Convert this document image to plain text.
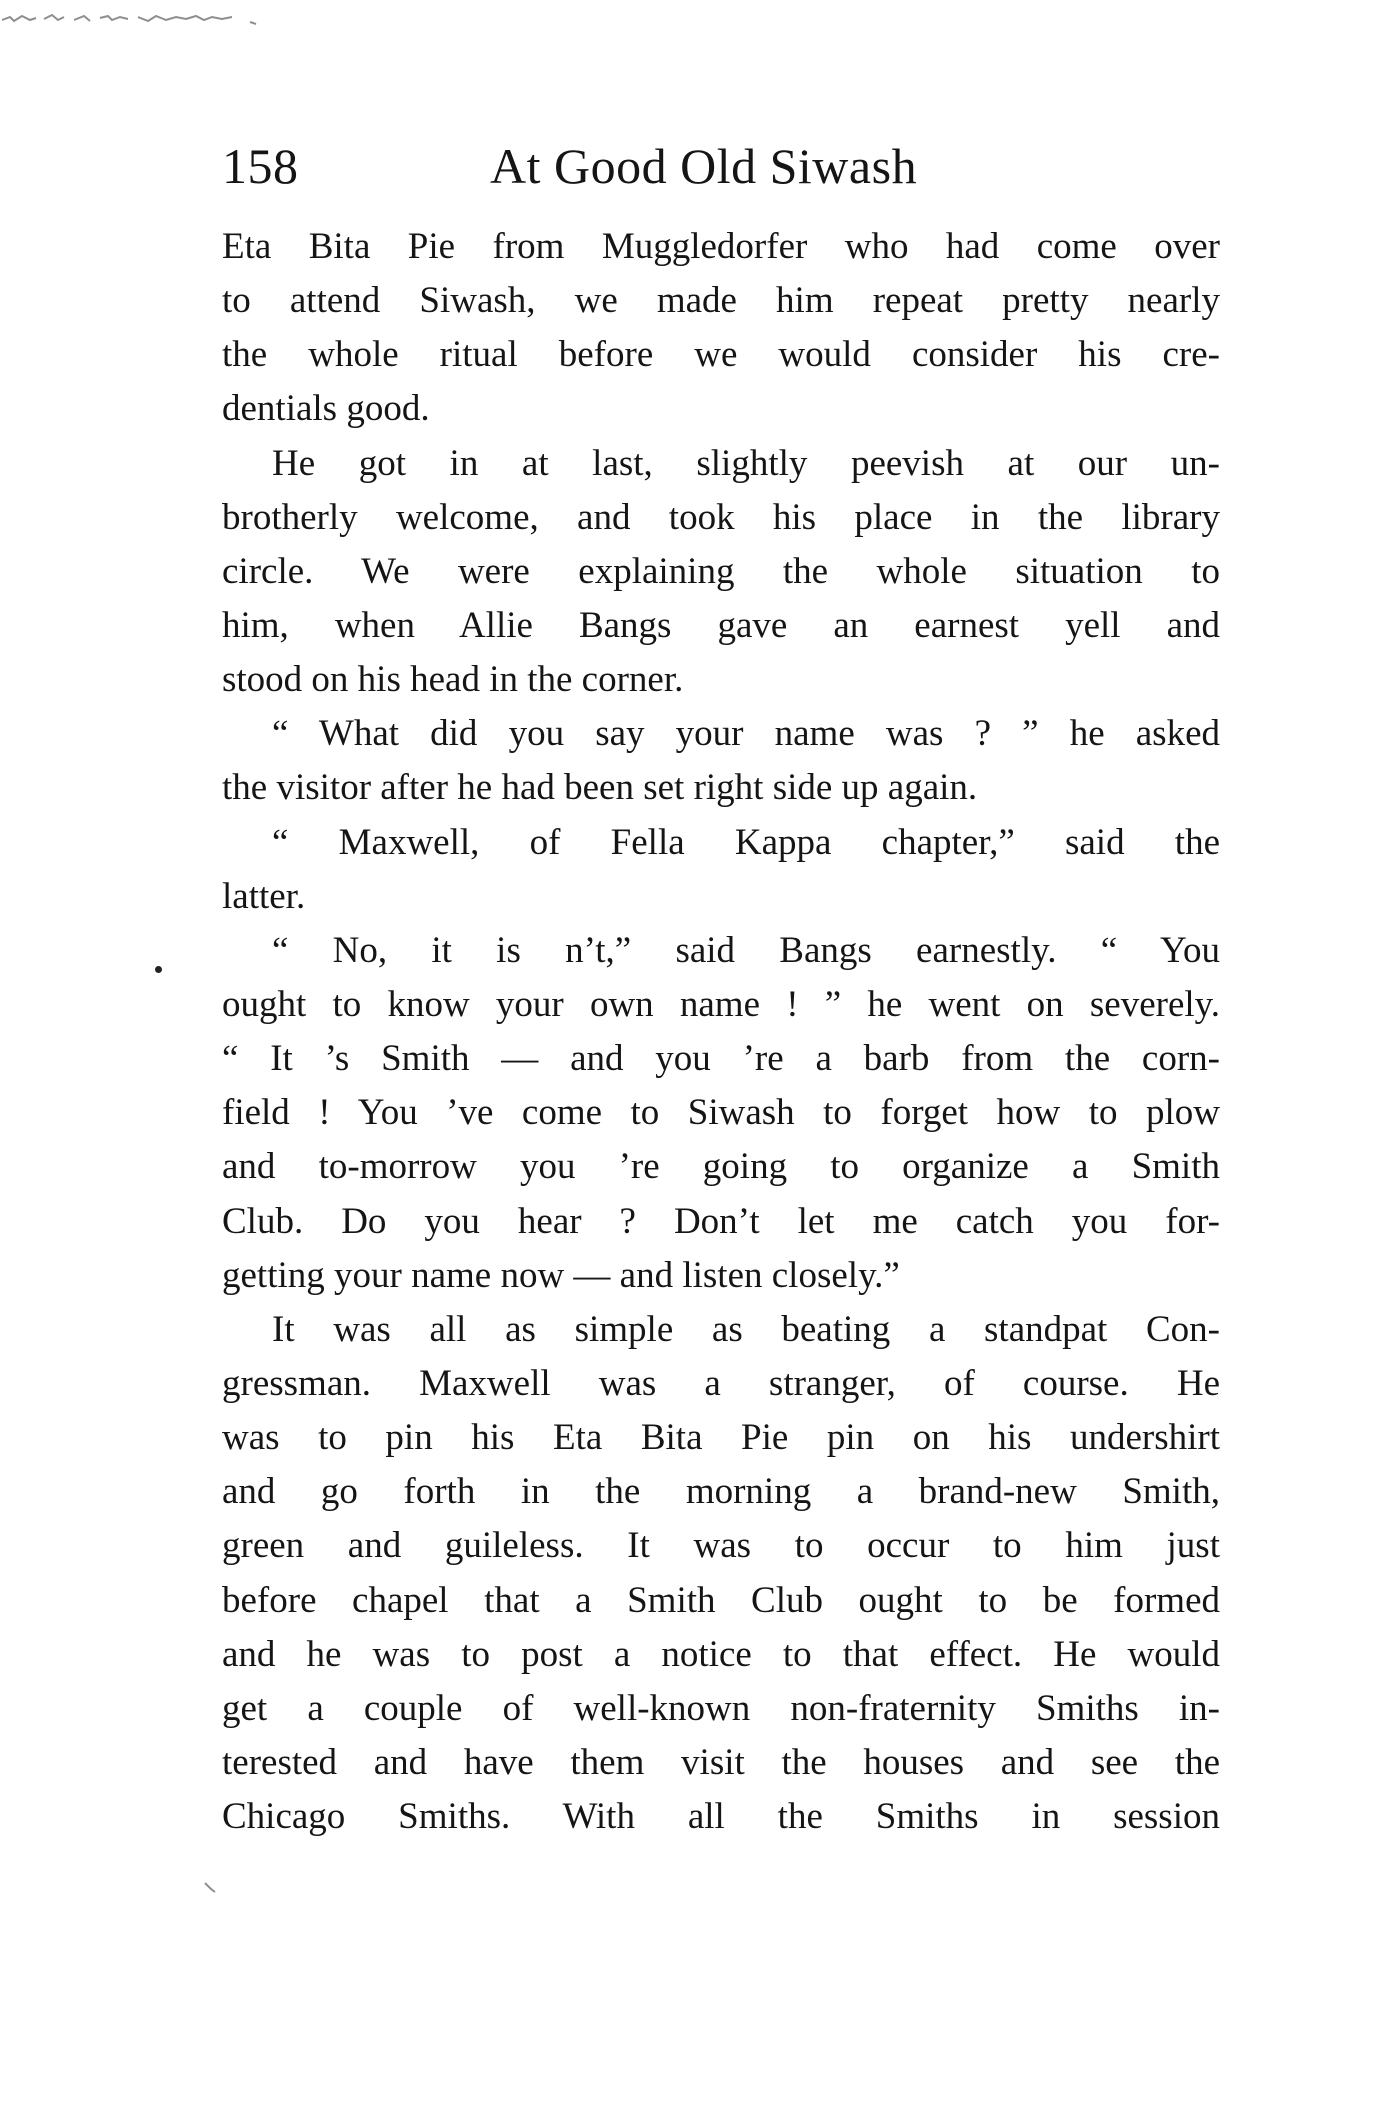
158	At Good Old Siwash
Eta Bita Pie from Muggledorfer who had come over
to attend Siwash, we made him repeat pretty nearly
the whole ritual before we would consider his cre-
dentials good.
He got in at last, slightly peevish at our un-
brotherly welcome, and took his place in the library
circle. We were explaining the whole situation to
him, when Allie Bangs gave an earnest yell and
stood on his head in the corner.
“ What did you say your name was ? ” he asked
the visitor after he had been set right side up again.
“ Maxwell, of Fella Kappa chapter,” said the
latter.
“ No, it is n’t,” said Bangs earnestly. “ You
ought to know your own name ! ” he went on severely.
“ It ’s Smith — and you ’re a barb from the corn-
field ! You ’ve come to Siwash to forget how to plow
and to-morrow you ’re going to organize a Smith
Club. Do you hear ? Don’t let me catch you for-
getting your name now — and listen closely.”
It was all as simple as beating a standpat Con-
gressman. Maxwell was a stranger, of course. He
was to pin his Eta Bita Pie pin on his undershirt
and go forth in the morning a brand-new Smith,
green and guileless. It was to occur to him just
before chapel that a Smith Club ought to be formed
and he was to post a notice to that effect. He would
get a couple of well-known non-fraternity Smiths in-
terested and have them visit the houses and see the
Chicago Smiths. With all the Smiths in session
